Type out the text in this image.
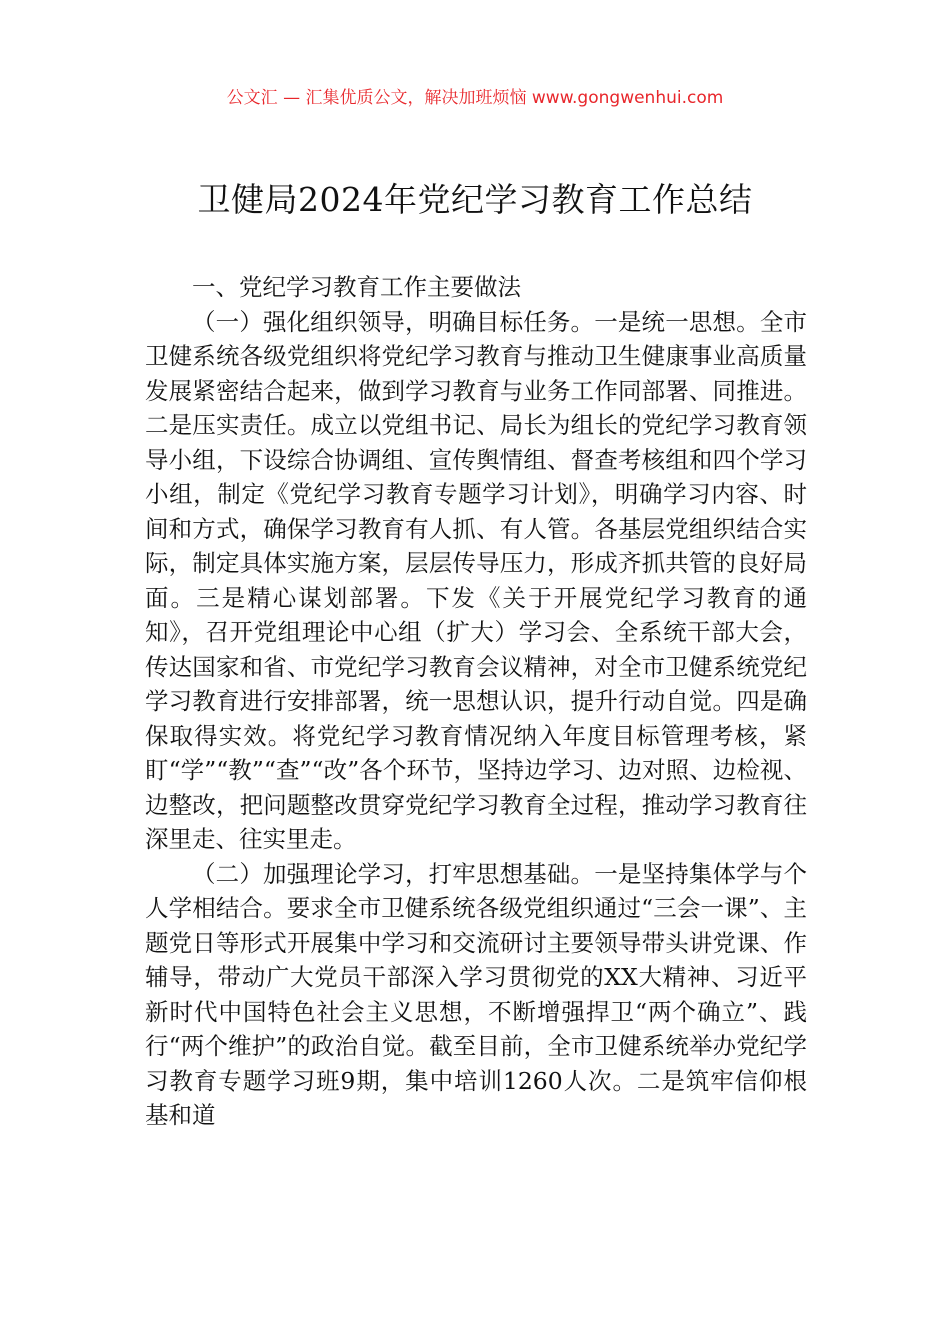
公文汇 — 汇集优质公文，解决加班烦恼 www.gongwenhui.com
卫健局2024年党纪学习教育工作总结

一、党纪学习教育工作主要做法

（一）强化组织领导，明确目标任务。一是统一思想。全市卫健系统各级党组织将党纪学习教育与推动卫生健康事业高质量发展紧密结合起来，做到学习教育与业务工作同部署、同推进。二是压实责任。成立以党组书记、局长为组长的党纪学习教育领导小组，下设综合协调组、宣传舆情组、督查考核组和四个学习小组，制定《党纪学习教育专题学习计划》，明确学习内容、时间和方式，确保学习教育有人抓、有人管。各基层党组织结合实际，制定具体实施方案，层层传导压力，形成齐抓共管的良好局面。三是精心谋划部署。下发《关于开展党纪学习教育的通知》，召开党组理论中心组（扩大）学习会、全系统干部大会，传达国家和省、市党纪学习教育会议精神，对全市卫健系统党纪学习教育进行安排部署，统一思想认识，提升行动自觉。四是确保取得实效。将党纪学习教育情况纳入年度目标管理考核，紧盯“学”“教”“查”“改”各个环节，坚持边学习、边对照、边检视、边整改，把问题整改贯穿党纪学习教育全过程，推动学习教育往深里走、往实里走。

（二）加强理论学习，打牢思想基础。一是坚持集体学与个人学相结合。要求全市卫健系统各级党组织通过“三会一课”、主题党日等形式开展集中学习和交流研讨主要领导带头讲党课、作辅导，带动广大党员干部深入学习贯彻党的XX大精神、习近平新时代中国特色社会主义思想，不断增强捍卫“两个确立”、践行“两个维护”的政治自觉。截至目前，全市卫健系统举办党纪学习教育专题学习班9期，集中培训1260人次。二是筑牢信仰根基和道
